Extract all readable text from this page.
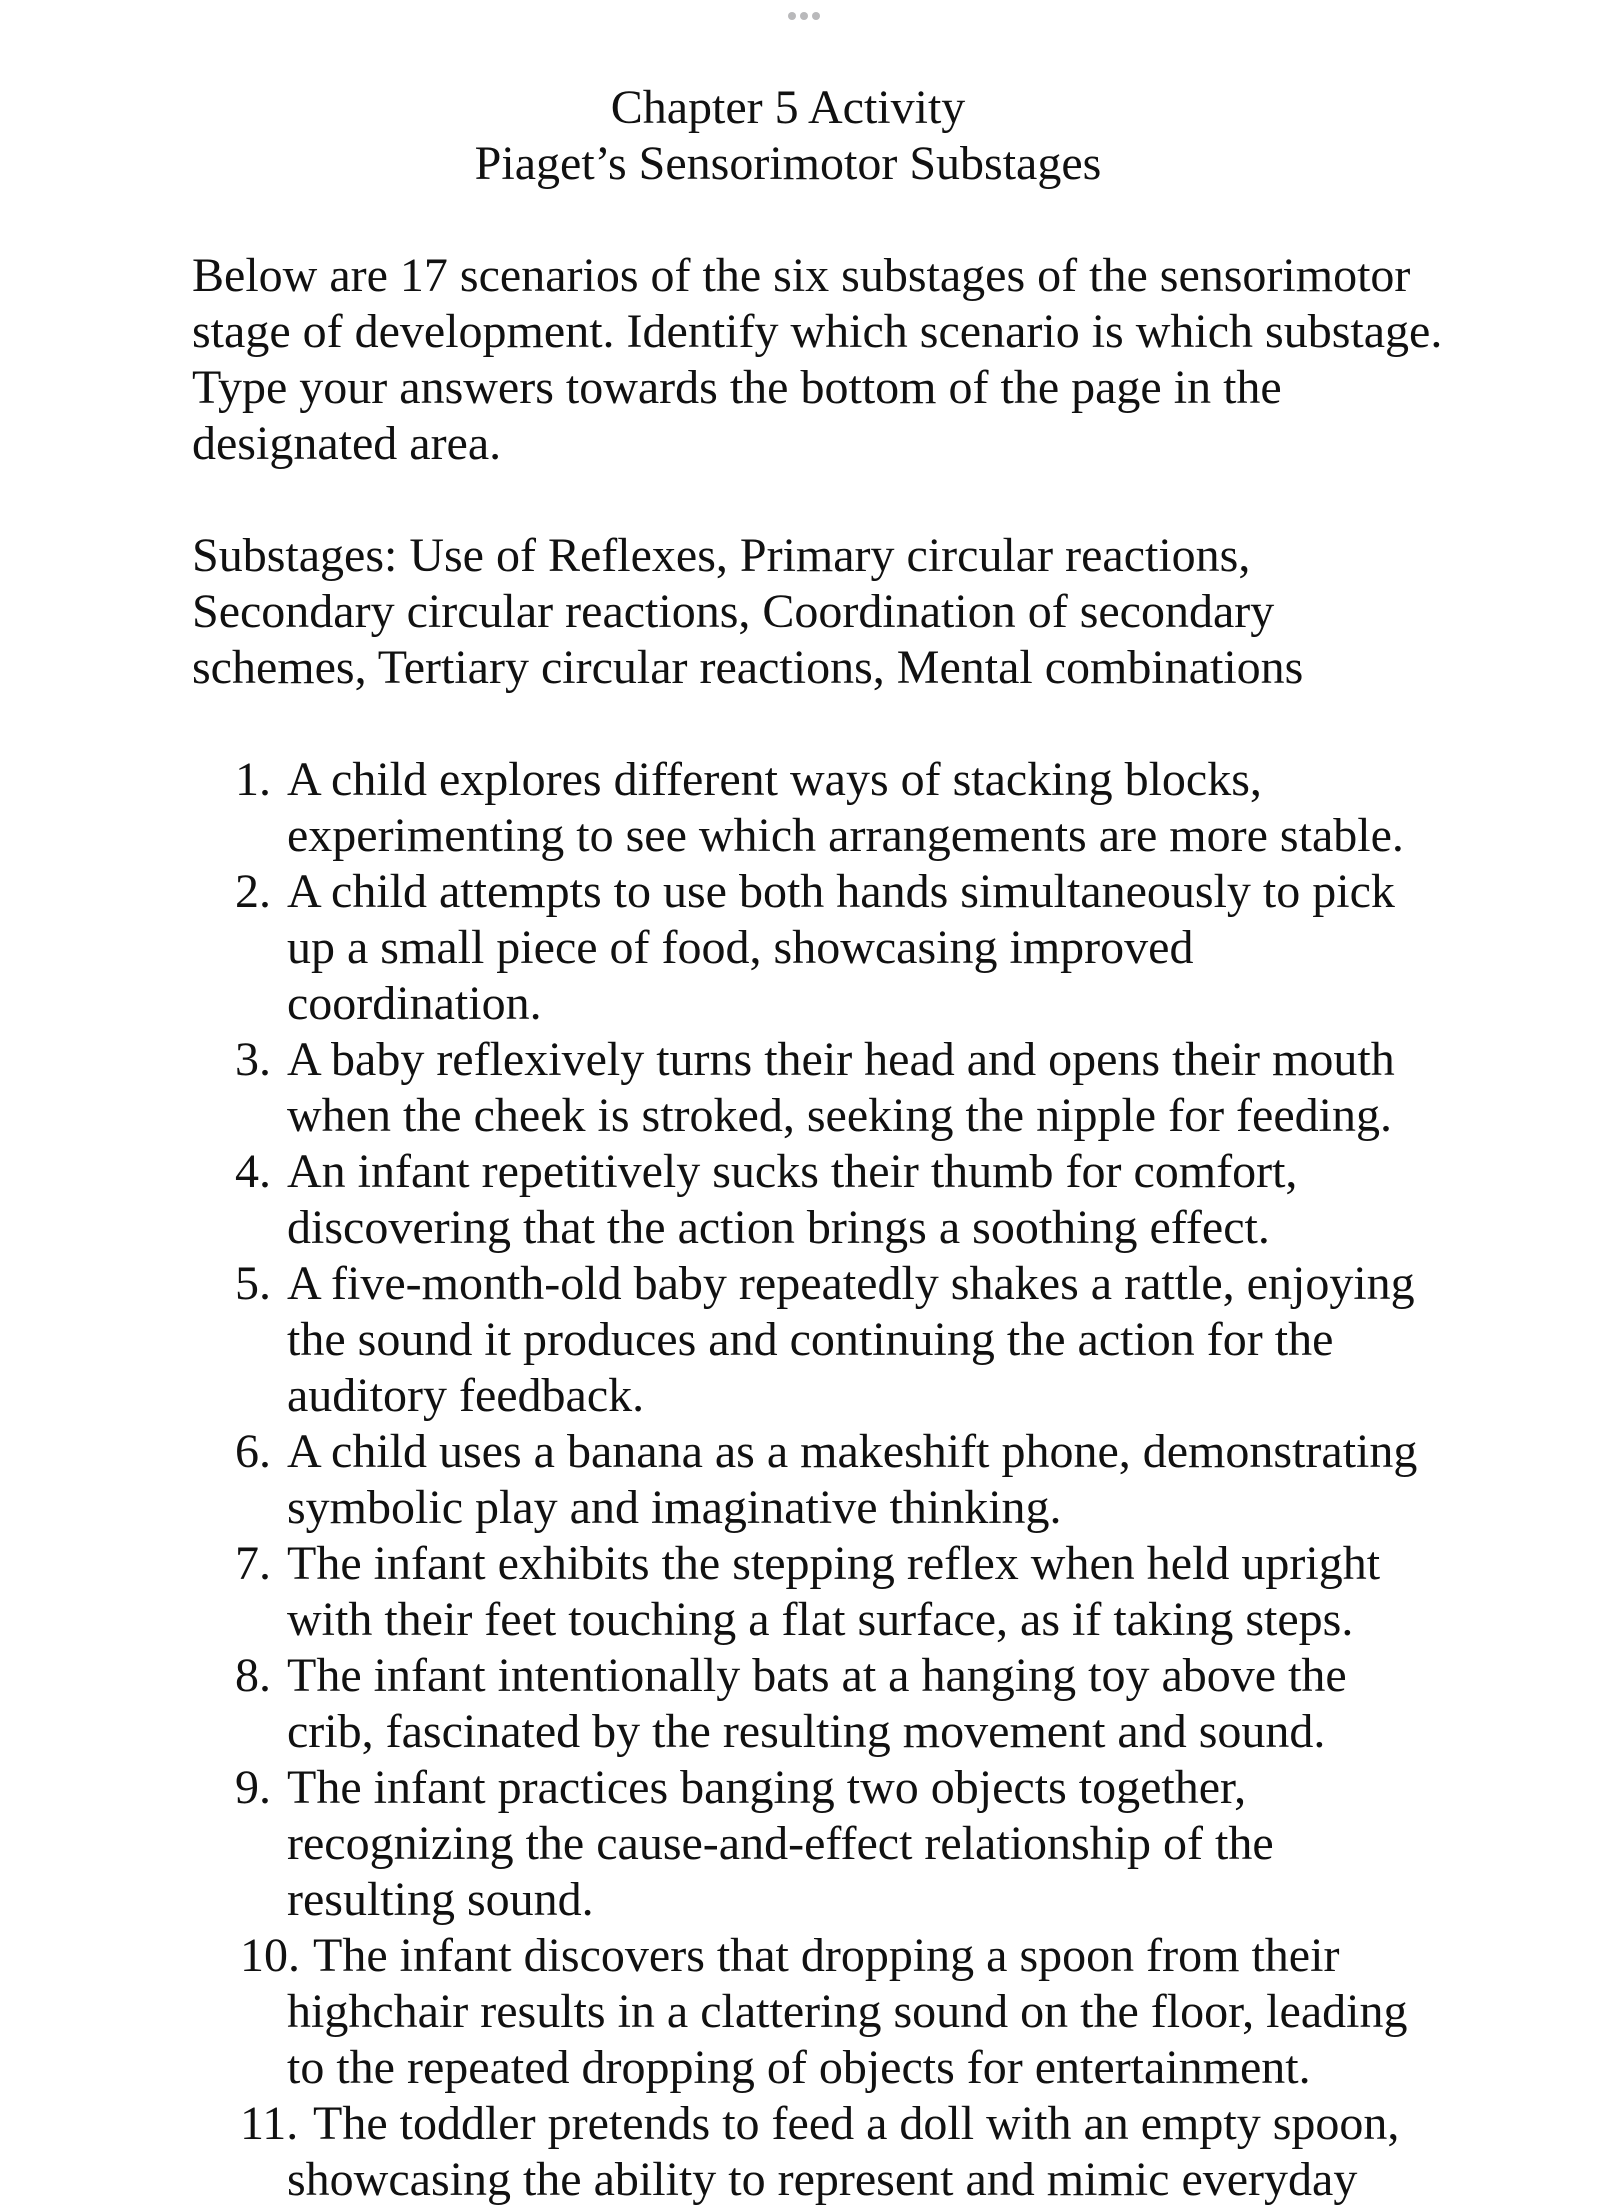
Chapter 5 Activity
Piaget’s Sensorimotor Substages

Below are 17 scenarios of the six substages of the sensorimotor stage of development. Identify which scenario is which substage. Type your answers towards the bottom of the page in the designated area.

Substages: Use of Reflexes, Primary circular reactions, Secondary circular reactions, Coordination of secondary schemes, Tertiary circular reactions, Mental combinations

1. A child explores different ways of stacking blocks,
experimenting to see which arrangements are more stable.
2. A child attempts to use both hands simultaneously to pick
up a small piece of food, showcasing improved
coordination.
3. A baby reflexively turns their head and opens their mouth
when the cheek is stroked, seeking the nipple for feeding.
4. An infant repetitively sucks their thumb for comfort,
discovering that the action brings a soothing effect.
5. A five-month-old baby repeatedly shakes a rattle, enjoying
the sound it produces and continuing the action for the
auditory feedback.
6. A child uses a banana as a makeshift phone, demonstrating
symbolic play and imaginative thinking.
7. The infant exhibits the stepping reflex when held upright
with their feet touching a flat surface, as if taking steps.
8. The infant intentionally bats at a hanging toy above the
crib, fascinated by the resulting movement and sound.
9. The infant practices banging two objects together,
recognizing the cause-and-effect relationship of the
resulting sound.
10. The infant discovers that dropping a spoon from their
highchair results in a clattering sound on the floor, leading
to the repeated dropping of objects for entertainment.
11. The toddler pretends to feed a doll with an empty spoon,
showcasing the ability to represent and mimic everyday
